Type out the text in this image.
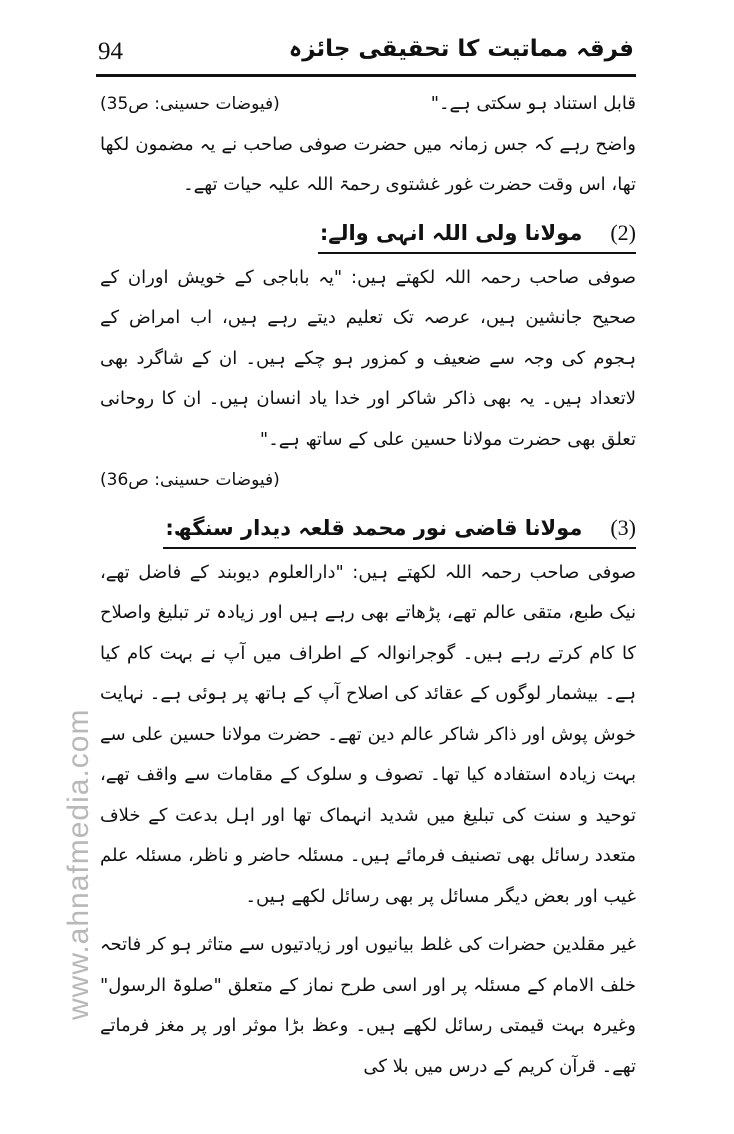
94	فرقہ مماتیت کا تحقیقی جائزہ
www.ahnafmedia.com
قابل استناد ہو سکتی ہے۔"
(فیوضات حسینی: ص35)

واضح رہے کہ جس زمانہ میں حضرت صوفی صاحب نے یہ مضمون لکھا تھا، اس وقت حضرت غور غشتوی رحمۃ اللہ علیہ حیات تھے۔

(2)
مولانا ولی اللہ انہی والے:

صوفی صاحب رحمہ اللہ لکھتے ہیں: "یہ باباجی کے خویش اوران کے صحیح جانشین ہیں، عرصہ تک تعلیم دیتے رہے ہیں، اب امراض کے ہجوم کی وجہ سے ضعیف و کمزور ہو چکے ہیں۔ ان کے شاگرد بھی لاتعداد ہیں۔ یہ بھی ذاکر شاکر اور خدا یاد انسان ہیں۔ ان کا روحانی تعلق بھی حضرت مولانا حسین علی کے ساتھ ہے۔"

(فیوضات حسینی: ص36)
(3)
مولانا قاضی نور محمد قلعہ دیدار سنگھ:

صوفی صاحب رحمہ اللہ لکھتے ہیں: "دارالعلوم دیوبند کے فاضل تھے، نیک طبع، متقی عالم تھے، پڑھاتے بھی رہے ہیں اور زیادہ تر تبلیغ واصلاح کا کام کرتے رہے ہیں۔ گوجرانوالہ کے اطراف میں آپ نے بہت کام کیا ہے۔ بیشمار لوگوں کے عقائد کی اصلاح آپ کے ہاتھ پر ہوئی ہے۔ نہایت خوش پوش اور ذاکر شاکر عالم دین تھے۔ حضرت مولانا حسین علی سے بہت زیادہ استفادہ کیا تھا۔ تصوف و سلوک کے مقامات سے واقف تھے، توحید و سنت کی تبلیغ میں شدید انہماک تھا اور اہل بدعت کے خلاف متعدد رسائل بھی تصنیف فرمائے ہیں۔ مسئلہ حاضر و ناظر، مسئلہ علم غیب اور بعض دیگر مسائل پر بھی رسائل لکھے ہیں۔

غیر مقلدین حضرات کی غلط بیانیوں اور زیادتیوں سے متاثر ہو کر فاتحہ خلف الامام کے مسئلہ پر اور اسی طرح نماز کے متعلق "صلوۃ الرسول" وغیرہ بہت قیمتی رسائل لکھے ہیں۔ وعظ بڑا موثر اور پر مغز فرماتے تھے۔ قرآن کریم کے درس میں بلا کی
